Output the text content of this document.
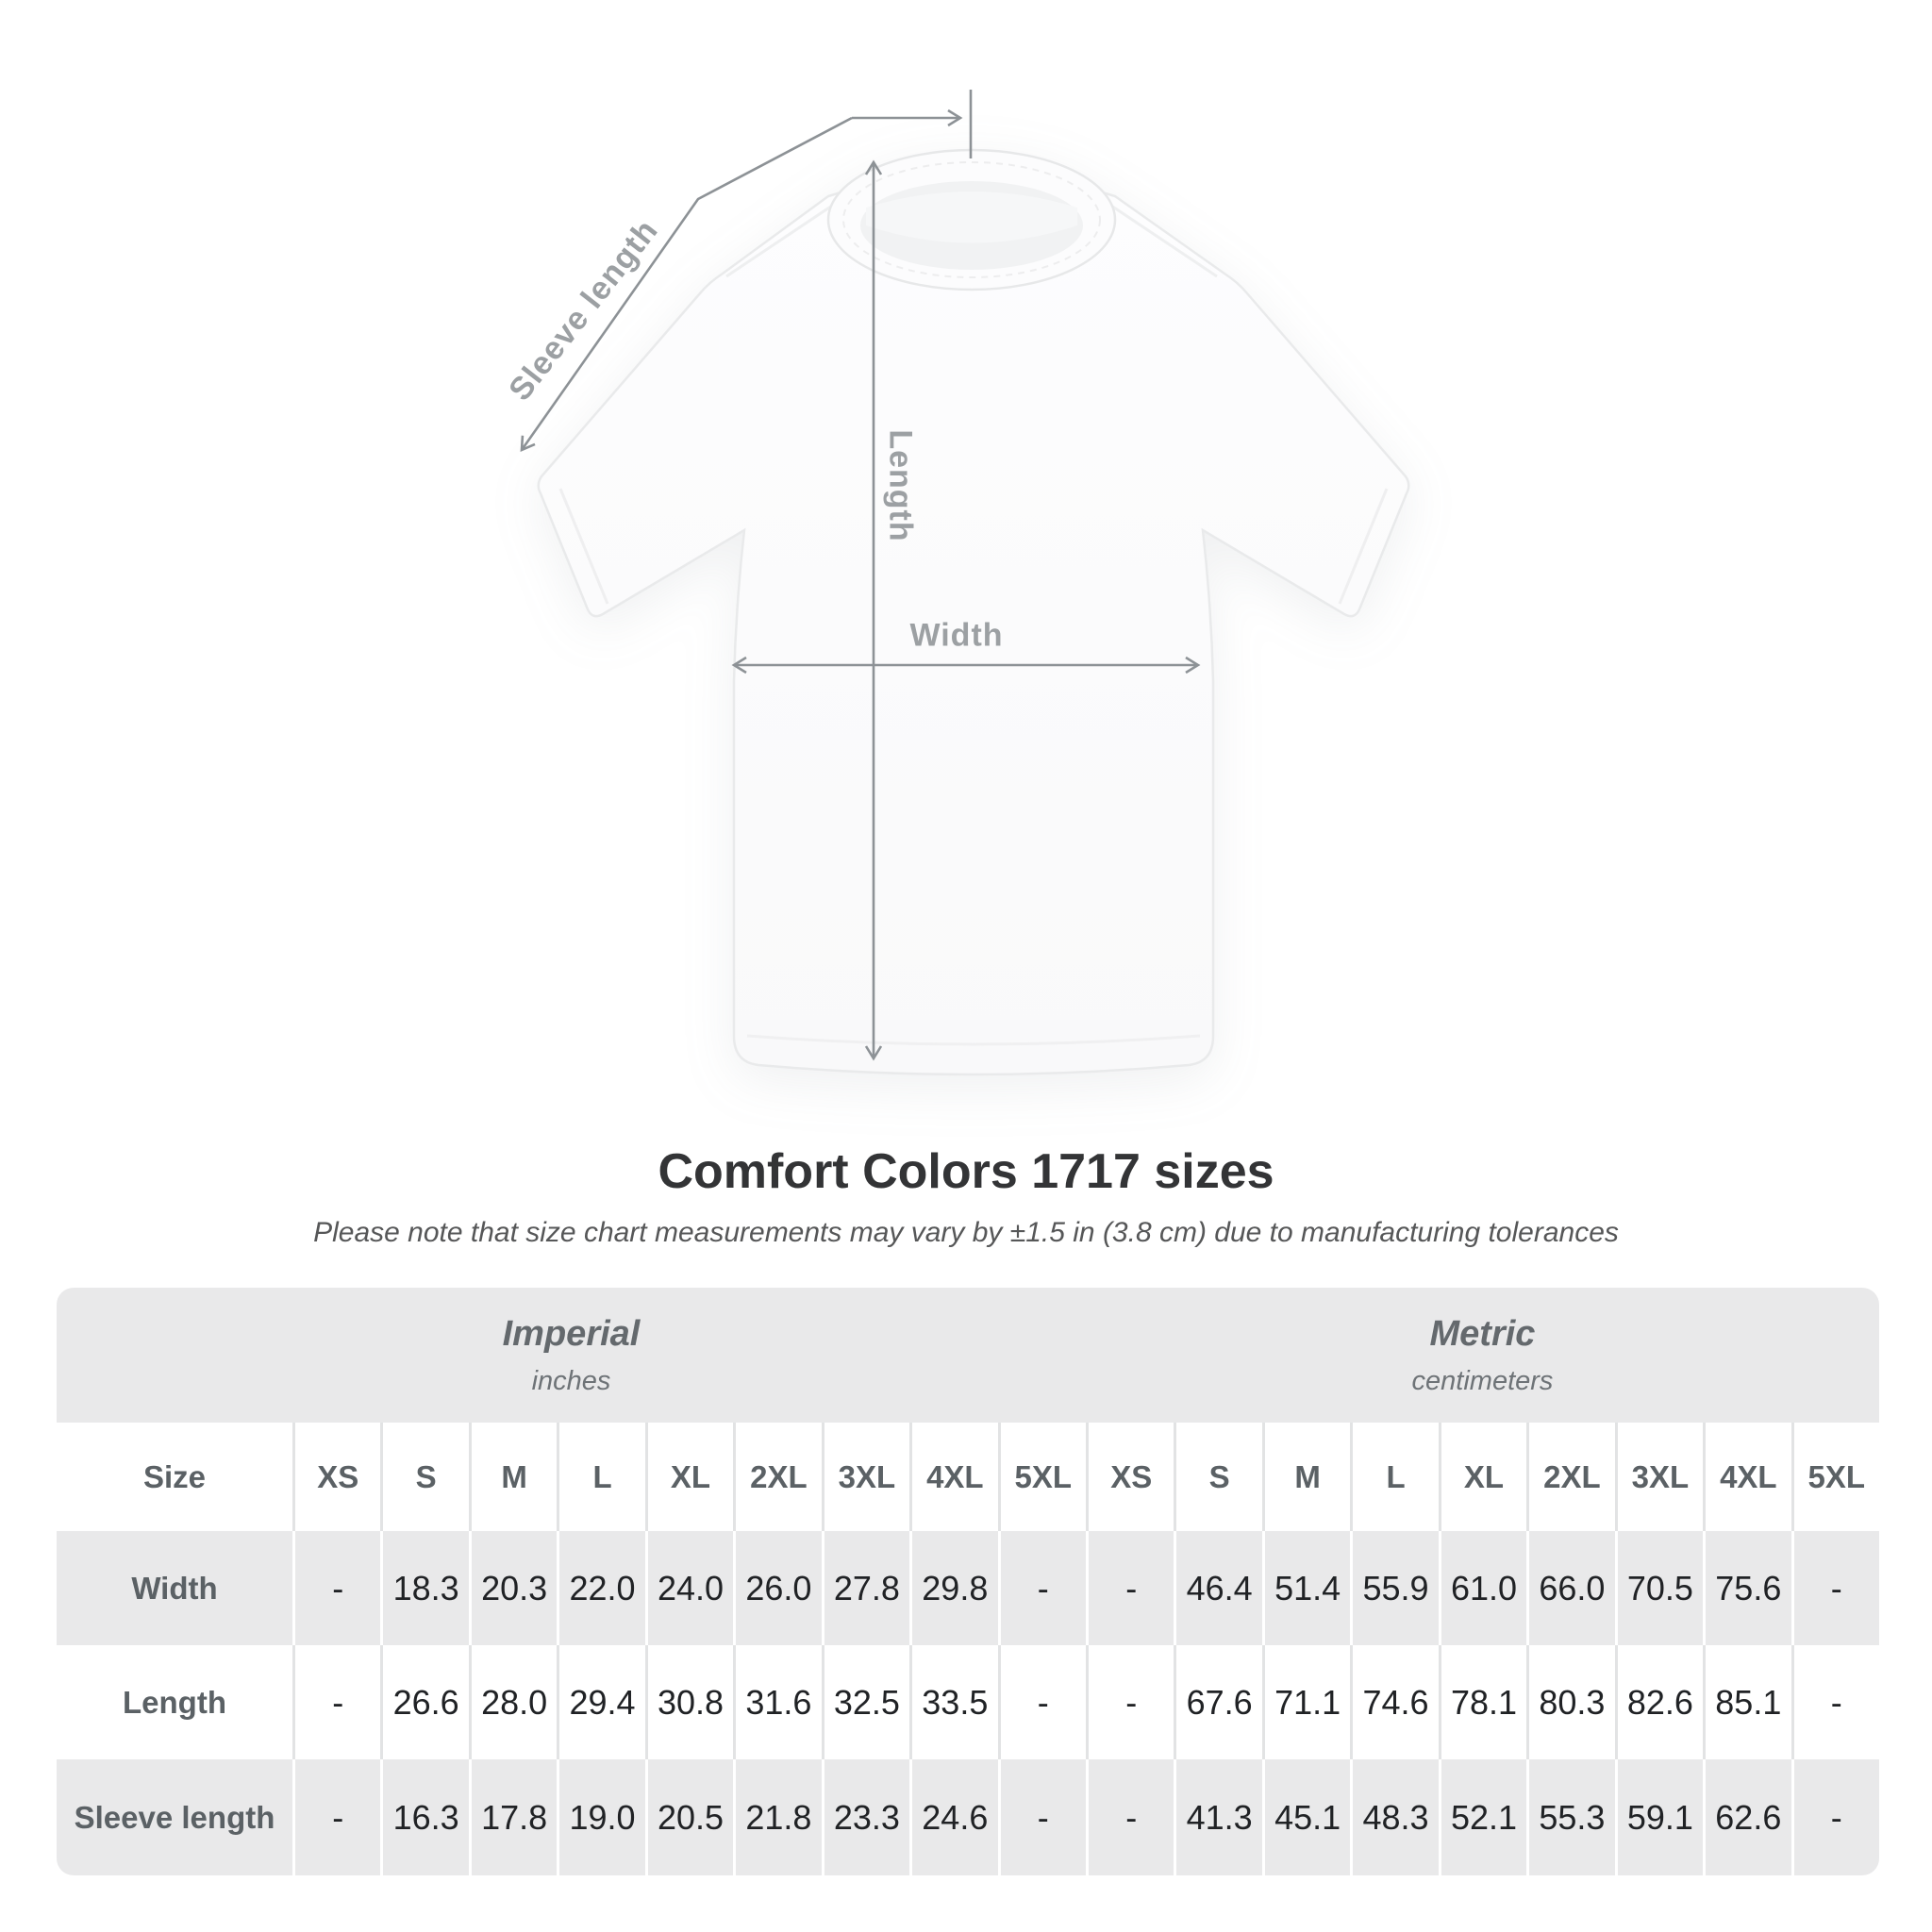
Sleeve length
Length
Width
Comfort Colors 1717 sizes
Please note that size chart measurements may vary by ±1.5 in (3.8 cm) due to manufacturing tolerances
Imperial
inches
Metric
centimeters
Size	XS	S	M	L	XL	2XL 3XL 4XL 5XL	XS	S	M	L	XL	2XL 3XL 4XL 5XL
Width	-	18.3 20.3 22.0 24.0 26.0 27.8 29.8	-	-	46.4 51.4 55.9 61.0 66.0 70.5 75.6	-
Length	-	26.6 28.0 29.4 30.8 31.6 32.5 33.5	-	-	67.6 71.1 74.6 78.1 80.3 82.6 85.1	-
Sleeve length	-	16.3 17.8 19.0 20.5 21.8 23.3 24.6	-	-	41.3 45.1 48.3 52.1 55.3 59.1 62.6	-
